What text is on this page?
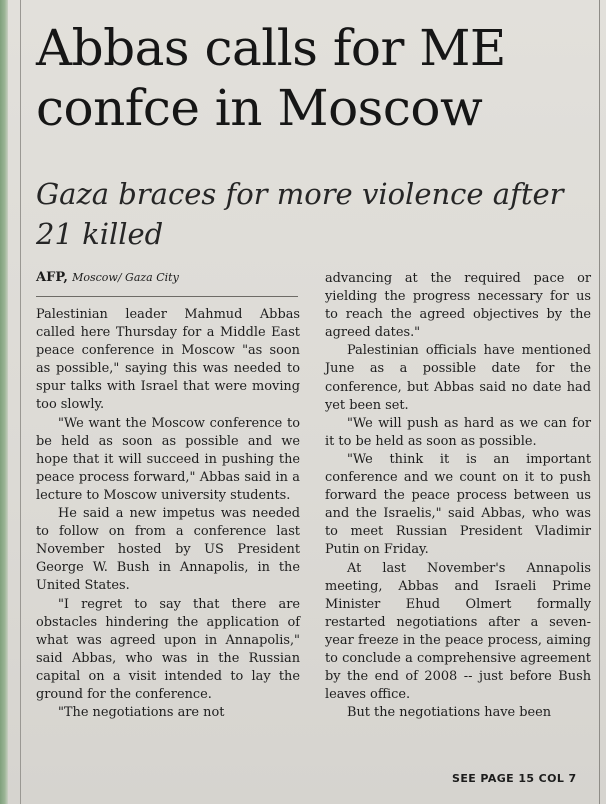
Abbas calls for ME confce in Moscow
Gaza braces for more violence after 21 killed
AFP, Moscow/ Gaza City

Palestinian leader Mahmud Abbas called here Thursday for a Middle East peace conference in Moscow "as soon as possible," saying this was needed to spur talks with Israel that were moving too slowly.

"We want the Moscow conference to be held as soon as possible and we hope that it will succeed in pushing the peace process forward," Abbas said in a lecture to Moscow university students.

He said a new impetus was needed to follow on from a conference last November hosted by US President George W. Bush in Annapolis, in the United States.

"I regret to say that there are obstacles hindering the application of what was agreed upon in Annapolis," said Abbas, who was in the Russian capital on a visit intended to lay the ground for the conference.

"The negotiations are not

advancing at the required pace or yielding the progress necessary for us to reach the agreed objectives by the agreed dates."

Palestinian officials have mentioned June as a possible date for the conference, but Abbas said no date had yet been set.

"We will push as hard as we can for it to be held as soon as possible.

"We think it is an important conference and we count on it to push forward the peace process between us and the Israelis," said Abbas, who was to meet Russian President Vladimir Putin on Friday.

At last November's Annapolis meeting, Abbas and Israeli Prime Minister Ehud Olmert formally restarted negotiations after a seven-year freeze in the peace process, aiming to conclude a comprehensive agreement by the end of 2008 -- just before Bush leaves office.

But the negotiations have been

SEE PAGE 15 COL 7
